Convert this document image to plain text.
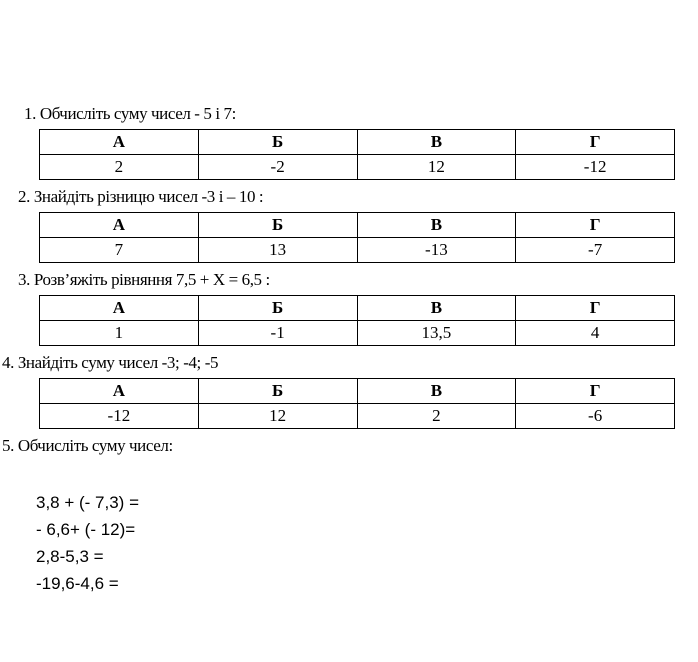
1. Обчисліть суму чисел - 5 і 7:
А	Б	В	Г
2	-2	12	-12
2. Знайдіть різницю чисел -3 і – 10 :
А	Б	В	Г
7	13	-13	-7
3. Розв’яжіть рівняння 7,5 + Х = 6,5 :
А	Б	В	Г
1	-1	13,5	4
4. Знайдіть суму чисел -3; -4; -5
А	Б	В	Г
-12	12	2	-6
5. Обчисліть суму чисел:
3,8 + (- 7,3) =
- 6,6+ (- 12)=
2,8-5,3 =
-19,6-4,6 =
